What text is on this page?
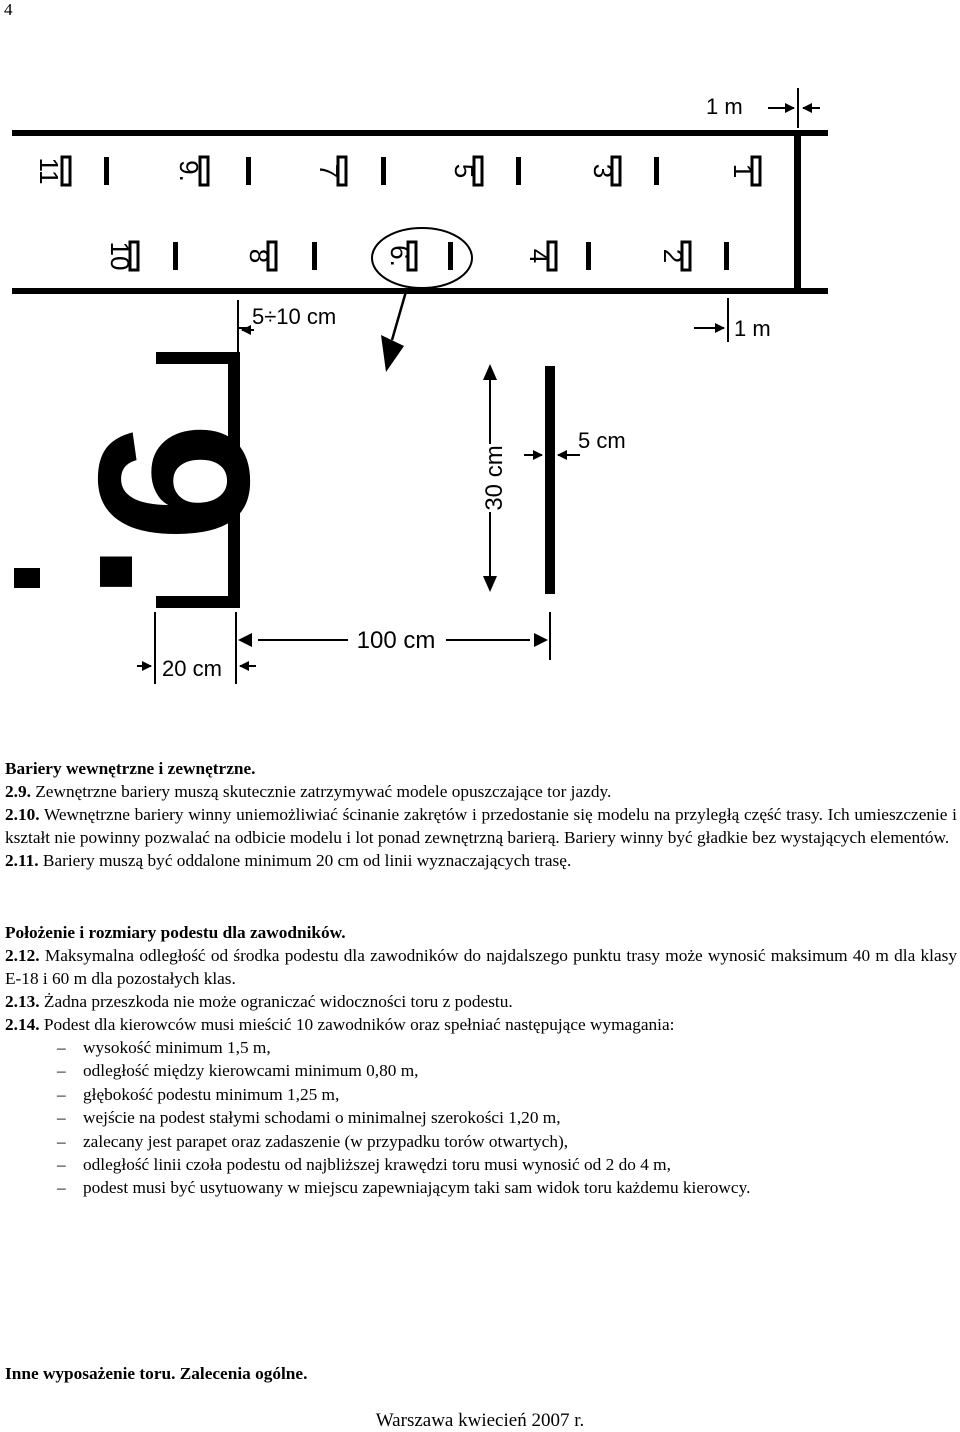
4
11	9.	7	5	3	1
10	8	6.	4	2
1 m
1 m
5÷10 cm
9.	30 cm
5 cm
100 cm
20 cm

Bariery wewnętrzne i zewnętrzne.

2.9. Zewnętrzne bariery muszą skutecznie zatrzymywać modele opuszczające tor jazdy.

2.10. Wewnętrzne bariery winny uniemożliwiać ścinanie zakrętów i przedostanie się modelu na przyległą część trasy. Ich umieszczenie i kształt nie powinny pozwalać na odbicie modelu i lot ponad zewnętrzną barierą. Bariery winny być gładkie bez wystających elementów.

2.11. Bariery muszą być oddalone minimum 20 cm od linii wyznaczających trasę.

Położenie i rozmiary podestu dla zawodników.

2.12. Maksymalna odległość od środka podestu dla zawodników do najdalszego punktu trasy może wynosić maksimum 40 m dla klasy E-18 i 60 m dla pozostałych klas.

2.13. Żadna przeszkoda nie może ograniczać widoczności toru z podestu.

2.14. Podest dla kierowców musi mieścić 10 zawodników oraz spełniać następujące wymagania:

– wysokość minimum 1,5 m,
– odległość między kierowcami minimum 0,80 m,
– głębokość podestu minimum 1,25 m,
– wejście na podest stałymi schodami o minimalnej szerokości 1,20 m,
– zalecany jest parapet oraz zadaszenie (w przypadku torów otwartych),
– odległość linii czoła podestu od najbliższej krawędzi toru musi wynosić od 2 do 4 m,
– podest musi być usytuowany w miejscu zapewniającym taki sam widok toru każdemu kierowcy.

Inne wyposażenie toru. Zalecenia ogólne.

Warszawa kwiecień 2007 r.
